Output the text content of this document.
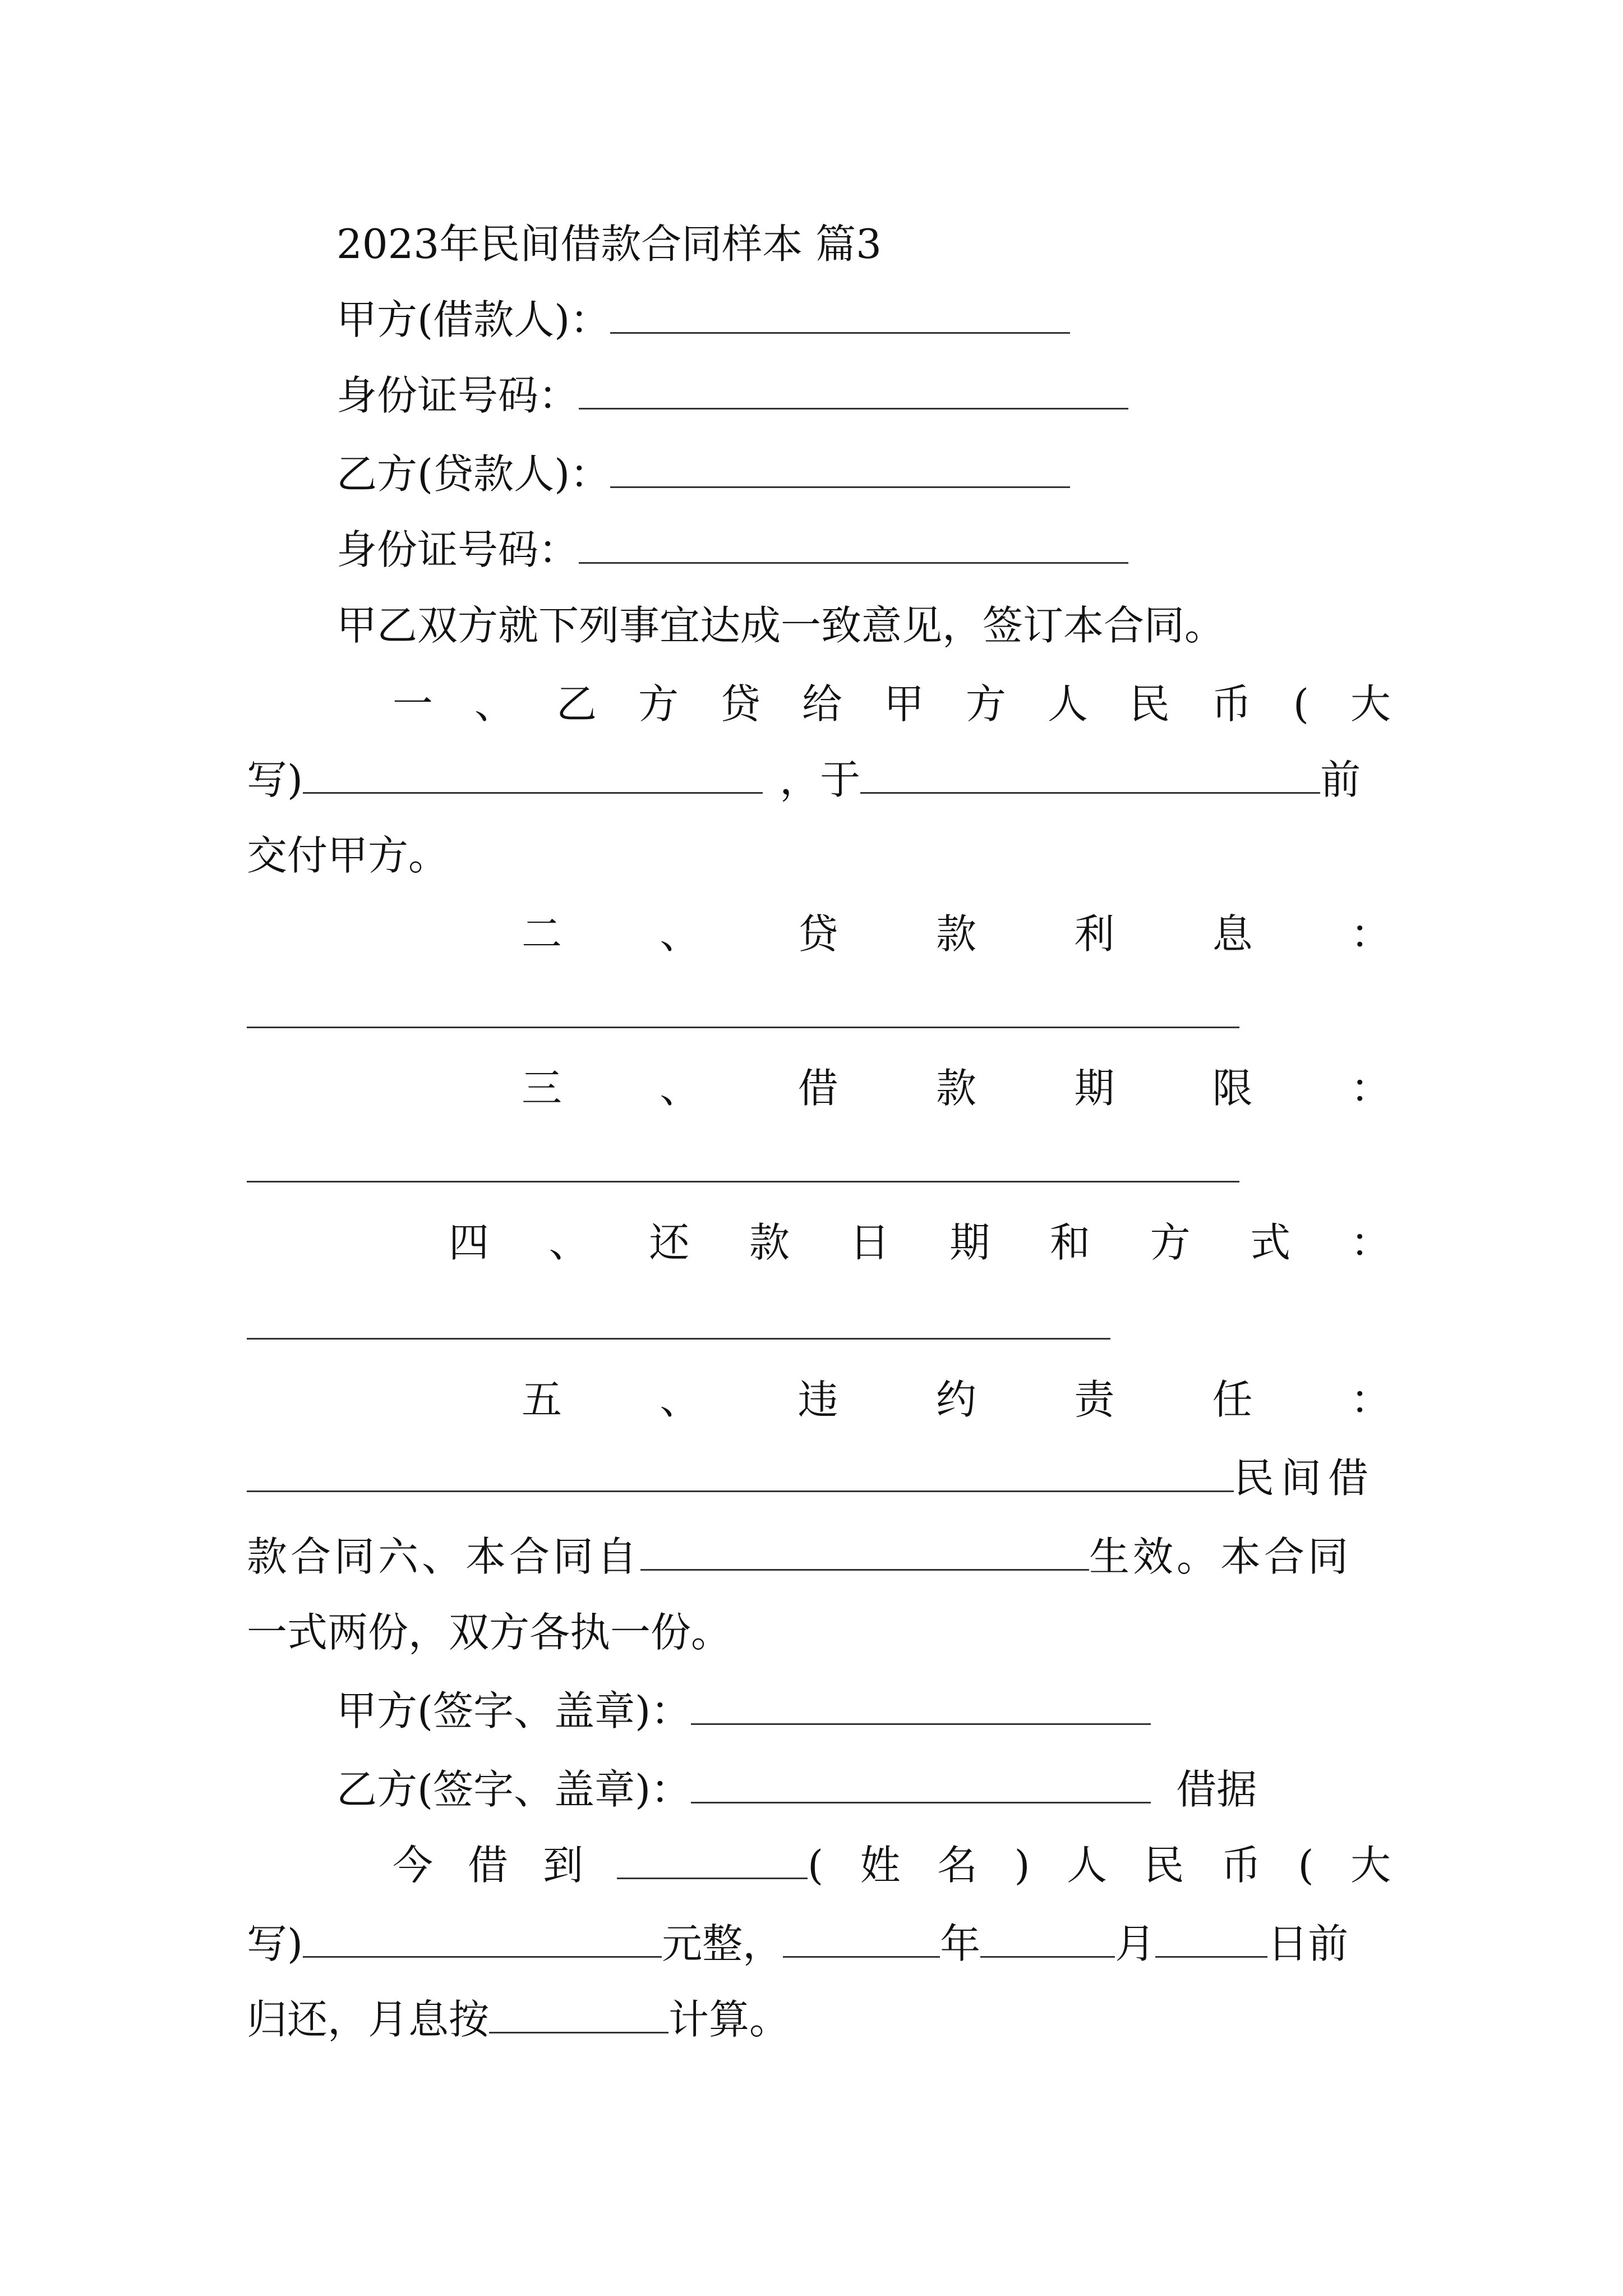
2023年民间借款合同样本 篇3
甲方(借款人)：
身份证号码：
乙方(贷款人)：
身份证号码：
甲乙双方就下列事宜达成一致意见，签订本合同。
一 、 乙 方 贷 给 甲 方 人 民 币 ( 大
写)	，于	前
交付甲方。
二 、 贷 款 利 息 ：
三 、 借 款 期 限 ：
四 、 还 款 日 期 和 方 式 ：
五 、 违 约 责 任 ：
民间借
款合同六、本合同自	生效。本合同
一式两份，双方各执一份。
甲方(签字、盖章)：
乙方(签字、盖章)：	借据
今 借 到	( 姓 名 ) 人 民 币 ( 大
写)	元整，	年	月	日前
归还，月息按	计算。
